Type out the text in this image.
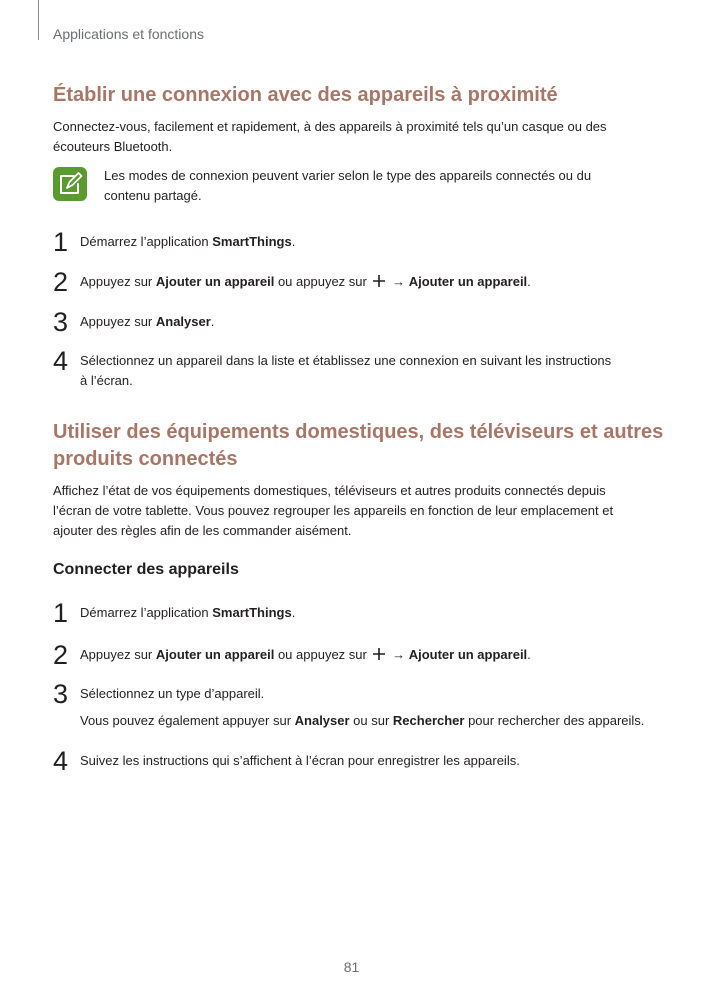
Applications et fonctions
Établir une connexion avec des appareils à proximité

Connectez-vous, facilement et rapidement, à des appareils à proximité tels qu’un casque ou des
écouteurs Bluetooth.

Les modes de connexion peuvent varier selon le type des appareils connectés ou du
contenu partagé.

1 Démarrez l’application SmartThings.
2 Appuyez sur Ajouter un appareil ou appuyez sur  → Ajouter un appareil.
3 Appuyez sur Analyser.
4 Sélectionnez un appareil dans la liste et établissez une connexion en suivant les instructions
à l’écran.
Utiliser des équipements domestiques, des téléviseurs et autres
produits connectés

Affichez l’état de vos équipements domestiques, téléviseurs et autres produits connectés depuis
l’écran de votre tablette. Vous pouvez regrouper les appareils en fonction de leur emplacement et
ajouter des règles afin de les commander aisément.

Connecter des appareils
1 Démarrez l’application SmartThings.
2 Appuyez sur Ajouter un appareil ou appuyez sur  → Ajouter un appareil.
3 Sélectionnez un type d’appareil.
Vous pouvez également appuyer sur Analyser ou sur Rechercher pour rechercher des appareils.
4 Suivez les instructions qui s’affichent à l’écran pour enregistrer les appareils.
81
